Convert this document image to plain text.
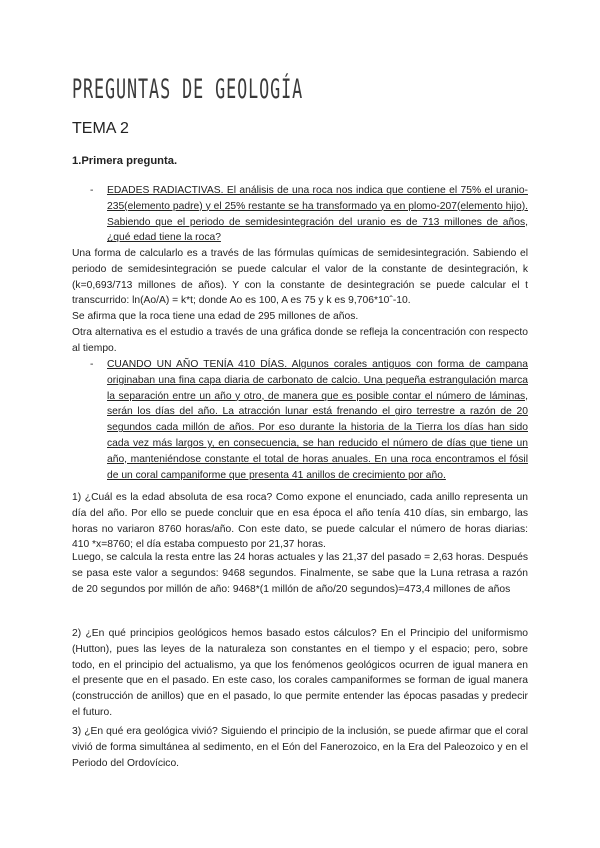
PREGUNTAS DE GEOLOGÍA
TEMA 2
1.Primera pregunta.
- EDADES RADIACTIVAS. El análisis de una roca nos indica que contiene el 75% el uranio-235(elemento padre) y el 25% restante se ha transformado ya en plomo-207(elemento hijo). Sabiendo que el periodo de semidesintegración del uranio es de 713 millones de años, ¿qué edad tiene la roca?

Una forma de calcularlo es a través de las fórmulas químicas de semidesintegración. Sabiendo el periodo de semidesintegración se puede calcular el valor de la constante de desintegración, k (k=0,693/713 millones de años). Y con la constante de desintegración se puede calcular el t transcurrido: ln(Ao/A) = k*t; donde Ao es 100, A es 75 y k es 9,706*10ˆ-10.
Se afirma que la roca tiene una edad de 295 millones de años.
Otra alternativa es el estudio a través de una gráfica donde se refleja la concentración con respecto al tiempo.
- CUANDO UN AÑO TENÍA 410 DÍAS. Algunos corales antiguos con forma de campana originaban una fina capa diaria de carbonato de calcio. Una pequeña estrangulación marca la separación entre un año y otro, de manera que es posible contar el número de láminas, serán los días del año. La atracción lunar está frenando el giro terrestre a razón de 20 segundos cada millón de años. Por eso durante la historia de la Tierra los días han sido cada vez más largos y, en consecuencia, se han reducido el número de días que tiene un año, manteniéndose constante el total de horas anuales. En una roca encontramos el fósil de un coral campaniforme que presenta 41 anillos de crecimiento por año.

1) ¿Cuál es la edad absoluta de esa roca? Como expone el enunciado, cada anillo representa un día del año. Por ello se puede concluir que en esa época el año tenía 410 días, sin embargo, las horas no variaron 8760 horas/año. Con este dato, se puede calcular el número de horas diarias: 410 *x=8760; el día estaba compuesto por 21,37 horas.
Luego, se calcula la resta entre las 24 horas actuales y las 21,37 del pasado = 2,63 horas. Después se pasa este valor a segundos: 9468 segundos. Finalmente, se sabe que la Luna retrasa a razón de 20 segundos por millón de año: 9468*(1 millón de año/20 segundos)=473,4 millones de años
2) ¿En qué principios geológicos hemos basado estos cálculos? En el Principio del uniformismo (Hutton), pues las leyes de la naturaleza son constantes en el tiempo y el espacio; pero, sobre todo, en el principio del actualismo, ya que los fenómenos geológicos ocurren de igual manera en el presente que en el pasado. En este caso, los corales campaniformes se forman de igual manera (construcción de anillos) que en el pasado, lo que permite entender las épocas pasadas y predecir el futuro.
3) ¿En qué era geológica vivió? Siguiendo el principio de la inclusión, se puede afirmar que el coral vivió de forma simultánea al sedimento, en el Eón del Fanerozoico, en la Era del Paleozoico y en el Periodo del Ordovícico.
